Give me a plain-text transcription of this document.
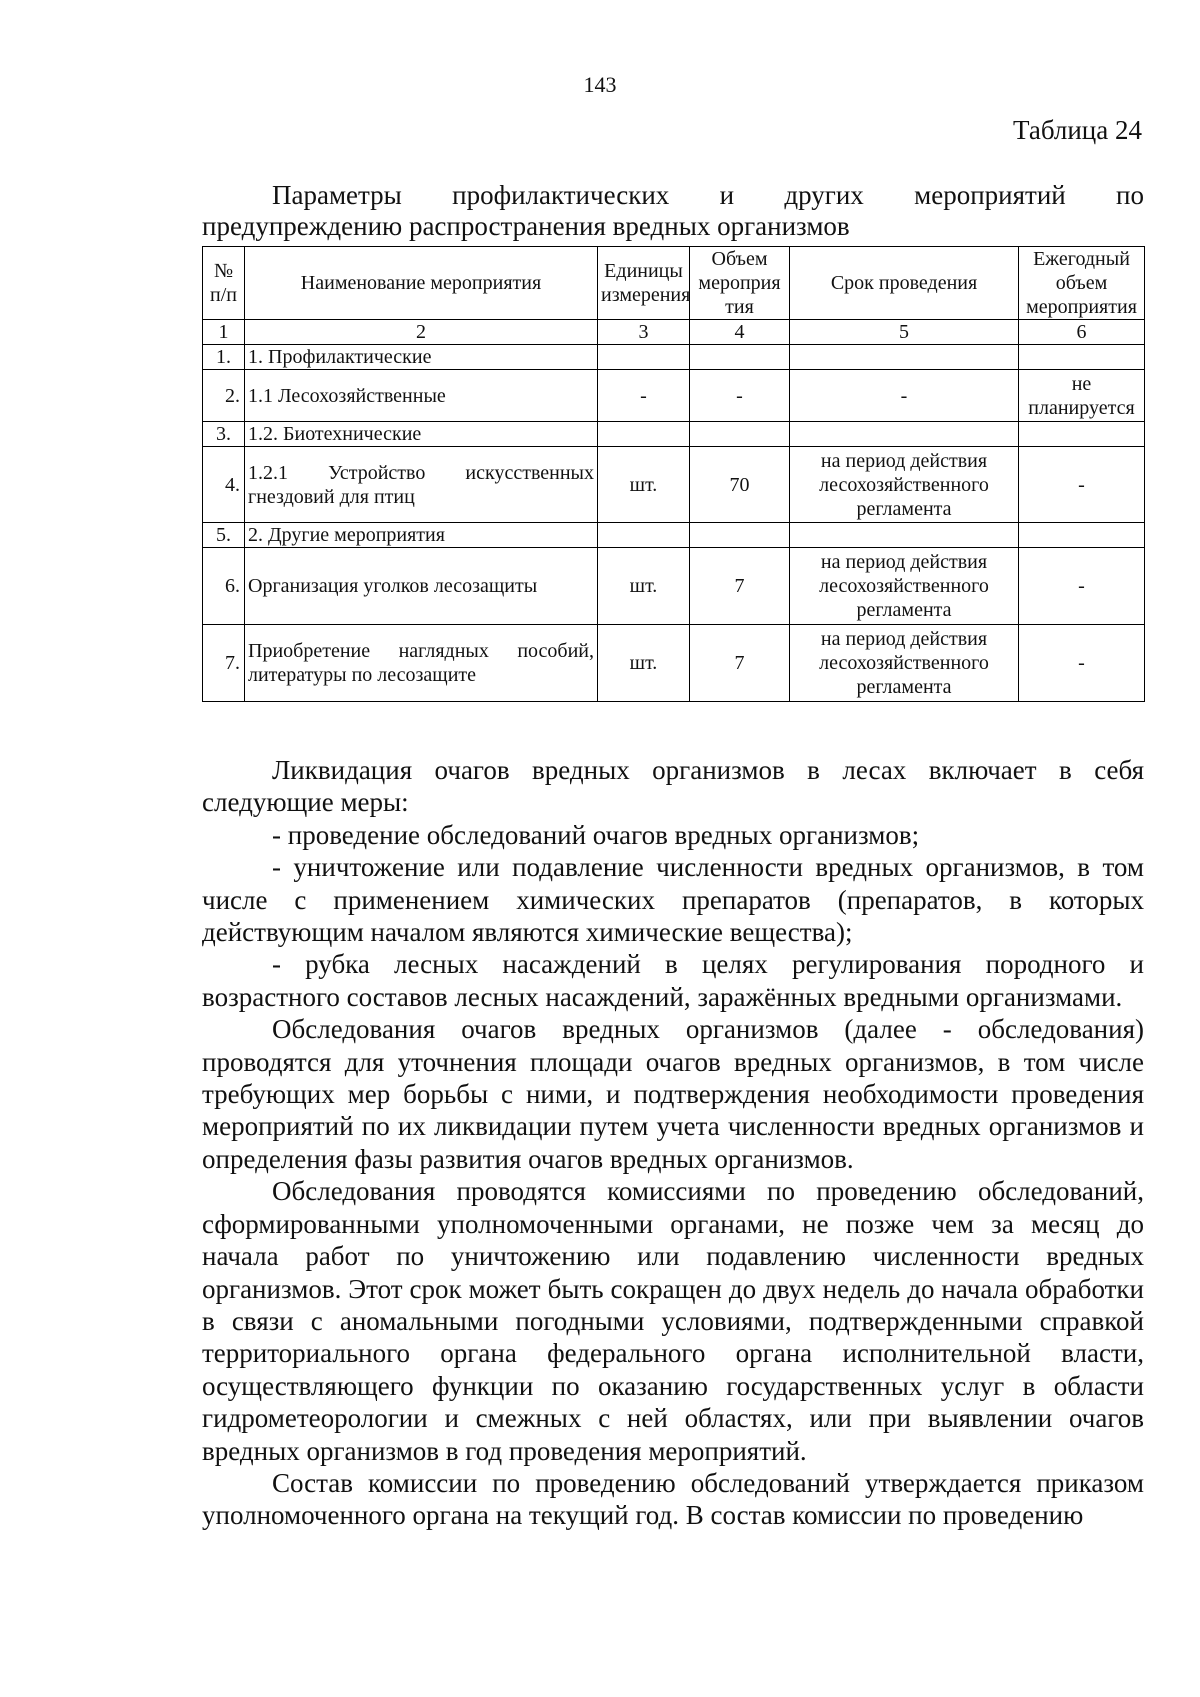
143
Таблица 24
Параметры профилактических и других мероприятий по
предупреждению распространения вредных организмов
№ п/п	Наименование мероприятия	Единицы измерения	Объем мероприя тия	Срок проведения	Ежегодный объем мероприятия
1	2	3	4	5	6
1.	1. Профилактические				
2.	1.1 Лесохозяйственные	-	-	-	не планируется
3.	1.2. Биотехнические				
4.	1.2.1 Устройство искусственных гнездовий для птиц	шт.	70	на период действия лесохозяйственного регламента	-
5.	2. Другие мероприятия				
6.	Организация уголков лесозащиты	шт.	7	на период действия лесохозяйственного регламента	-
7.	Приобретение наглядных пособий, литературы по лесозащите	шт.	7	на период действия лесохозяйственного регламента	-

Ликвидация очагов вредных организмов в лесах включает в себя следующие меры:

- проведение обследований очагов вредных организмов;

- уничтожение или подавление численности вредных организмов, в том числе с применением химических препаратов (препаратов, в которых действующим началом являются химические вещества);

- рубка лесных насаждений в целях регулирования породного и возрастного составов лесных насаждений, заражённых вредными организмами.

Обследования очагов вредных организмов (далее - обследования) проводятся для уточнения площади очагов вредных организмов, в том числе требующих мер борьбы с ними, и подтверждения необходимости проведения мероприятий по их ликвидации путем учета численности вредных организмов и определения фазы развития очагов вредных организмов.

Обследования проводятся комиссиями по проведению обследований, сформированными уполномоченными органами, не позже чем за месяц до начала работ по уничтожению или подавлению численности вредных организмов. Этот срок может быть сокращен до двух недель до начала обработки в связи с аномальными погодными условиями, подтвержденными справкой территориального органа федерального органа исполнительной власти, осуществляющего функции по оказанию государственных услуг в области гидрометеорологии и смежных с ней областях, или при выявлении очагов вредных организмов в год проведения мероприятий.

Состав комиссии по проведению обследований утверждается приказом уполномоченного органа на текущий год. В состав комиссии по проведению
